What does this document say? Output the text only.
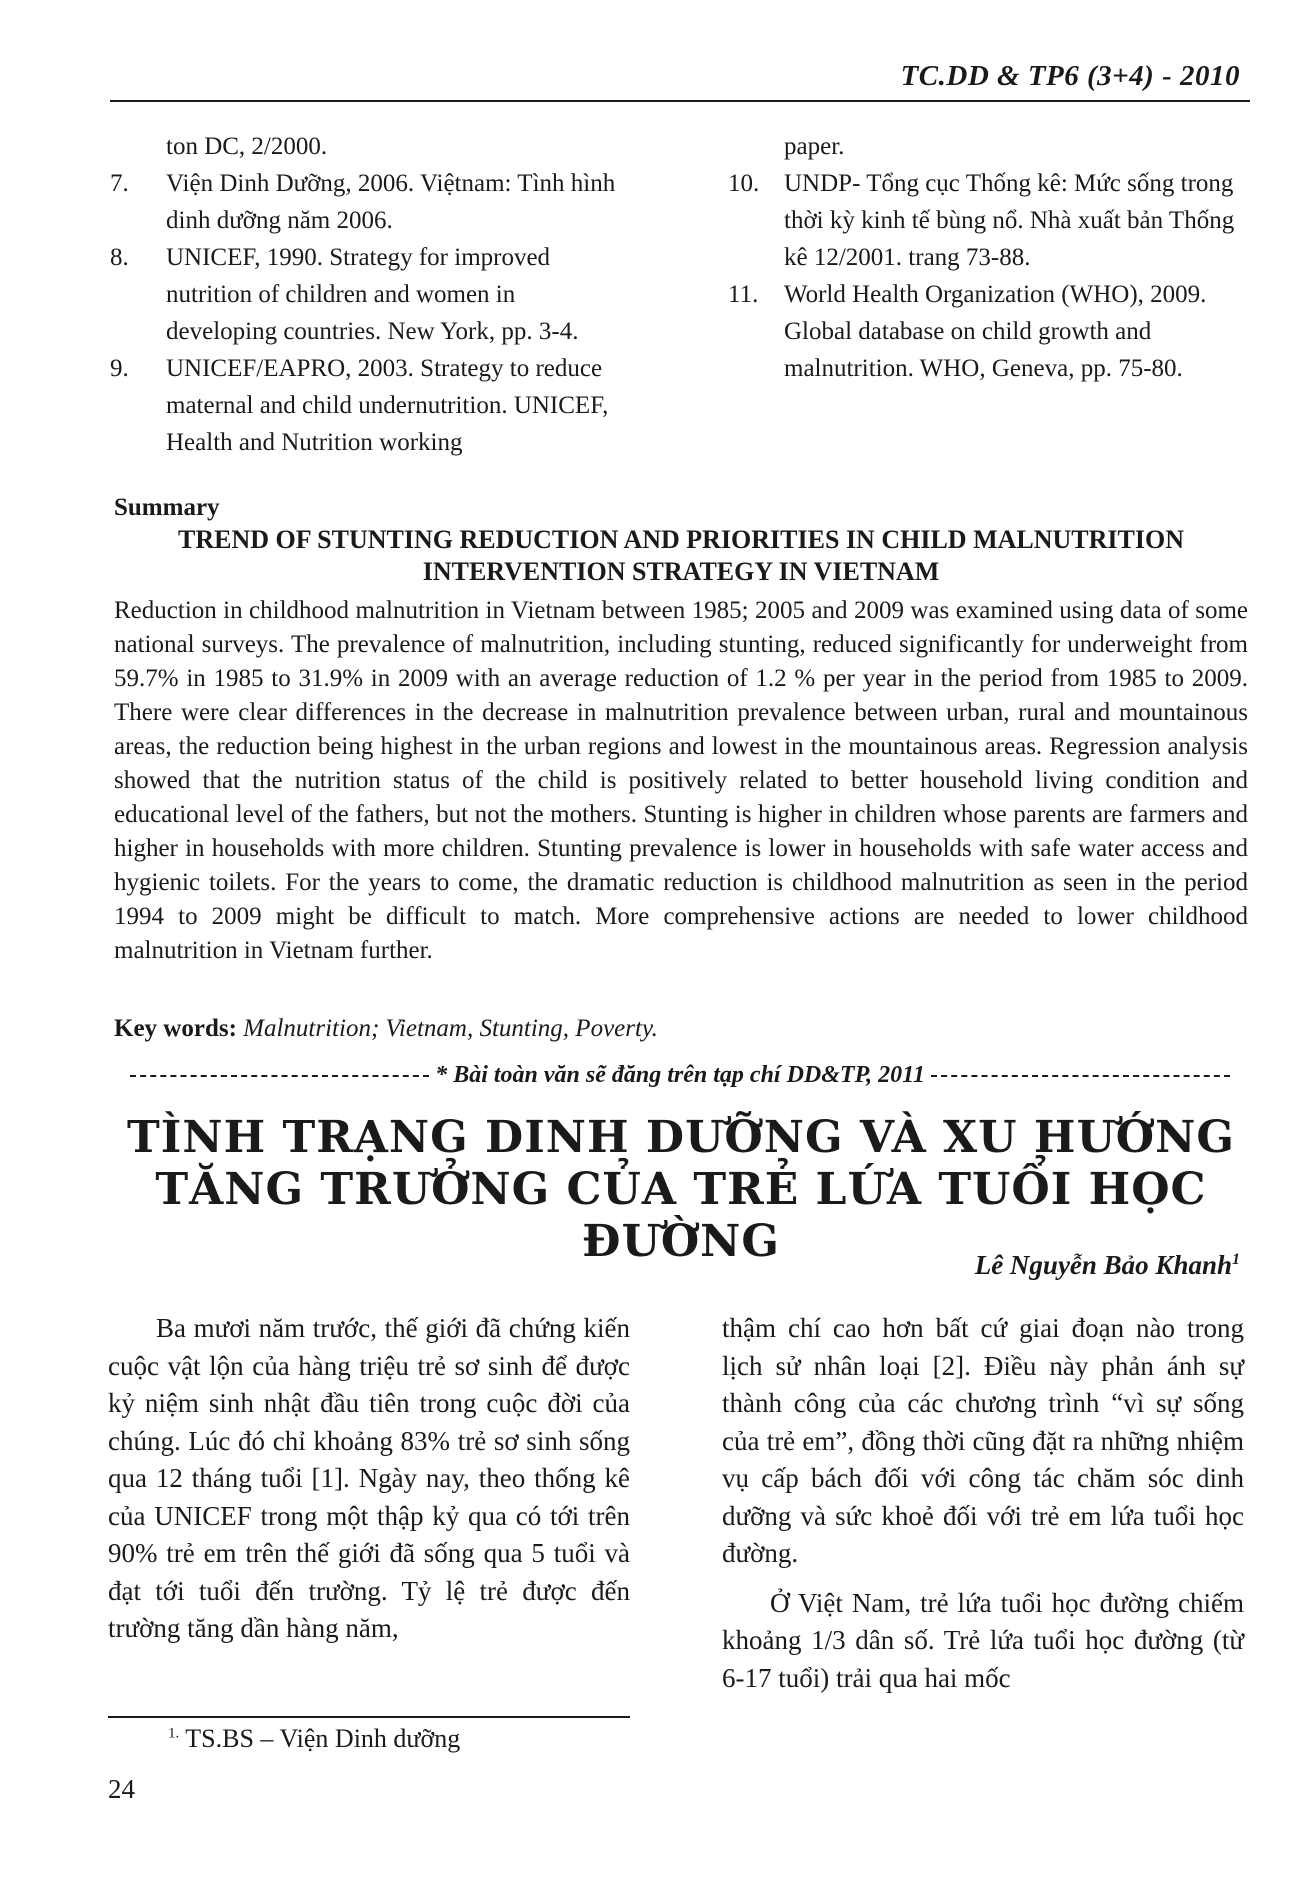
TC.DD & TP6 (3+4) - 2010
ton DC, 2/2000.
7.	Viện Dinh Dưỡng, 2006. Việtnam: Tình hình dinh dưỡng năm 2006.
8.	UNICEF, 1990. Strategy for improved nutrition of children and women in developing countries. New York, pp. 3-4.
9.	UNICEF/EAPRO, 2003. Strategy to reduce maternal and child undernutrition. UNICEF, Health and Nutrition working
paper.
10. UNDP- Tổng cục Thống kê: Mức sống trong thời kỳ kinh tế bùng nổ. Nhà xuất bản Thống kê 12/2001. trang 73-88.
11.	World Health Organization (WHO), 2009. Global database on child growth and malnutrition. WHO, Geneva, pp. 75-80.
Summary
TREND OF STUNTING REDUCTION AND PRIORITIES IN CHILD MALNUTRITION INTERVENTION STRATEGY IN VIETNAM
Reduction in childhood malnutrition in Vietnam between 1985; 2005 and 2009 was examined using data of some national surveys. The prevalence of malnutrition, including stunting, reduced significantly for underweight from 59.7% in 1985 to 31.9% in 2009 with an average reduction of 1.2 % per year in the period from 1985 to 2009. There were clear differences in the decrease in malnutrition prevalence between urban, rural and mountainous areas, the reduction being highest in the urban regions and lowest in the mountainous areas. Regression analysis showed that the nutrition status of the child is positively related to better household living condition and educational level of the fathers, but not the mothers. Stunting is higher in children whose parents are farmers and higher in households with more children. Stunting prevalence is lower in households with safe water access and hygienic toilets. For the years to come, the dramatic reduction is childhood malnutrition as seen in the period 1994 to 2009 might be difficult to match. More comprehensive actions are needed to lower childhood malnutrition in Vietnam further.
Key words: Malnutrition; Vietnam, Stunting, Poverty.
* Bài toàn văn sẽ đăng trên tạp chí DD&TP, 2011
TÌNH TRẠNG DINH DƯỠNG VÀ XU HƯỚNG
TĂNG TRƯỞNG CỦA TRẺ LỨA TUỔI HỌC ĐƯỜNG	Lê Nguyễn Bảo Khanh$^1$

Ba mươi năm trước, thế giới đã chứng kiến cuộc vật lộn của hàng triệu trẻ sơ sinh để được kỷ niệm sinh nhật đầu tiên trong cuộc đời của chúng. Lúc đó chỉ khoảng 83% trẻ sơ sinh sống qua 12 tháng tuổi [1]. Ngày nay, theo thống kê của UNICEF trong một thập kỷ qua có tới trên 90% trẻ em trên thế giới đã sống qua 5 tuổi và đạt tới tuổi đến trường. Tỷ lệ trẻ được đến trường tăng dần hàng năm,

thậm chí cao hơn bất cứ giai đoạn nào trong lịch sử nhân loại [2]. Điều này phản ánh sự thành công của các chương trình “vì sự sống của trẻ em”, đồng thời cũng đặt ra những nhiệm vụ cấp bách đối với công tác chăm sóc dinh dưỡng và sức khoẻ đối với trẻ em lứa tuổi học đường.

Ở Việt Nam, trẻ lứa tuổi học đường chiếm khoảng 1/3 dân số. Trẻ lứa tuổi học đường (từ 6-17 tuổi) trải qua hai mốc

$^{1.}$ TS.BS – Viện Dinh dưỡng
24
